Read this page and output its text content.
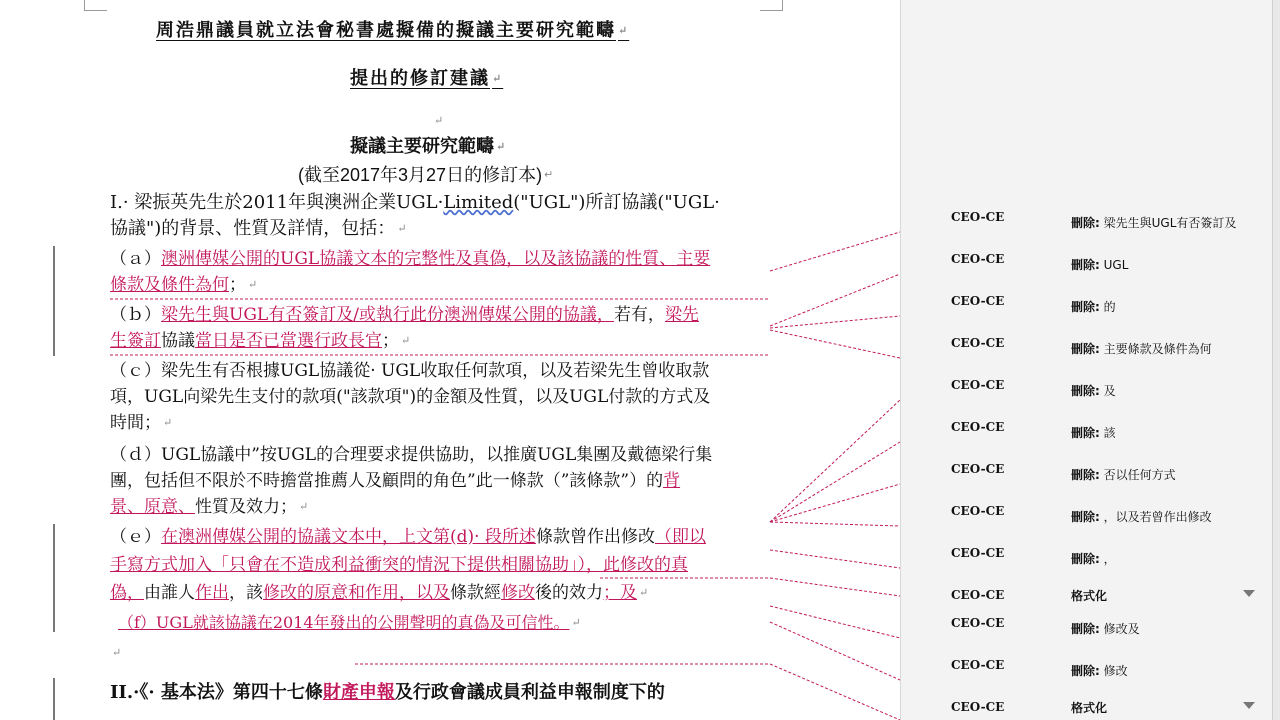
周浩鼎議員就立法會秘書處擬備的擬議主要研究範疇 ↵
提出的修訂建議 ↵
↵
擬議主要研究範疇 ↵
(截至2017年3月27日的修訂本) ↵
I.· 梁振英先生於2011年與澳洲企業UGL·Limited("UGL")所訂協議("UGL·
協議")的背景、性質及詳情，包括： ↵
（ａ）澳洲傳媒公開的UGL協議文本的完整性及真偽，以及該協議的性質、主要
條款及條件為何； ↵
（ｂ）梁先生與UGL有否簽訂及/或執行此份澳洲傳媒公開的協議，若有，梁先
生簽訂協議當日是否已當選行政長官； ↵
（ｃ）梁先生有否根據UGL協議從· UGL收取任何款項，以及若梁先生曾收取款
項，UGL向梁先生支付的款項("該款項")的金額及性質，以及UGL付款的方式及
時間； ↵
（ｄ）UGL協議中”按UGL的合理要求提供協助，以推廣UGL集團及戴德梁行集
團，包括但不限於不時擔當推薦人及顧問的角色”此一條款（”該條款”）的背
景、原意、性質及效力； ↵
（ｅ）在澳洲傳媒公開的協議文本中，上文第(d)· 段所述條款曾作出修改（即以
手寫方式加入「只會在不造成利益衝突的情況下提供相關協助」），此修改的真
偽，由誰人作出，該修改的原意和作用，以及條款經修改後的效力；及 ↵
（f）UGL就該協議在2014年發出的公開聲明的真偽及可信性。 ↵
↵
II.·《· 基本法》第四十七條財產申報及行政會議成員利益申報制度下的
CEO-CE	刪除: 梁先生與UGL有否簽訂及
CEO-CE	刪除: UGL
CEO-CE	刪除: 的
CEO-CE	刪除: 主要條款及條件為何
CEO-CE	刪除: 及
CEO-CE	刪除: 該
CEO-CE	刪除: 否以任何方式
CEO-CE	刪除: ，以及若曾作出修改
CEO-CE	刪除: ，
CEO-CE	格式化
CEO-CE	刪除: 修改及
CEO-CE	刪除: 修改
CEO-CE	格式化
